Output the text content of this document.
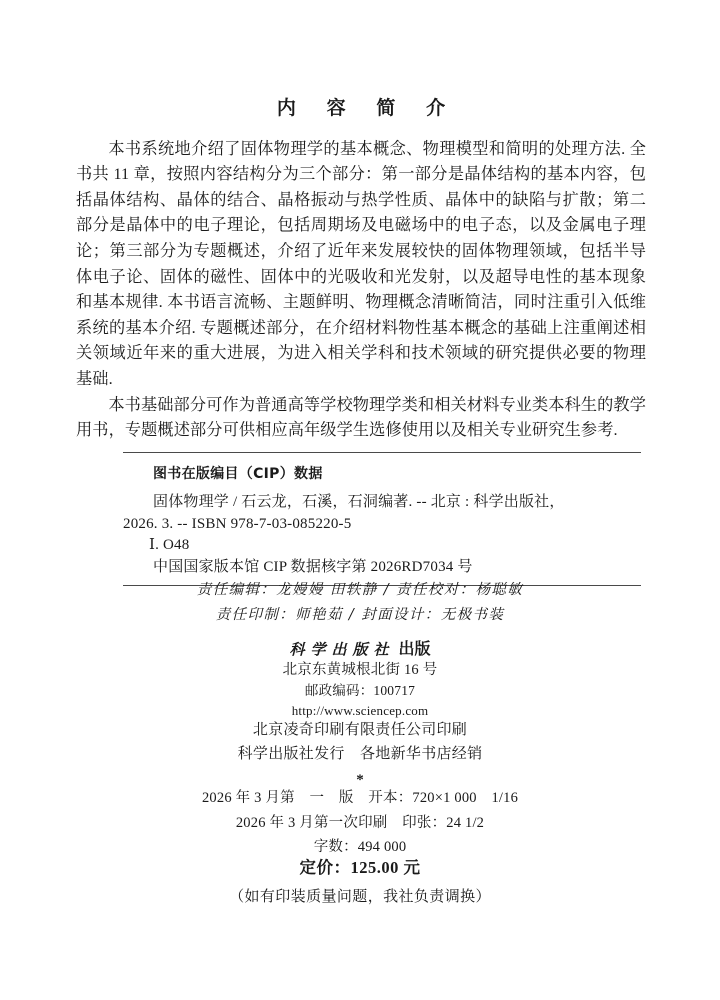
内 容 简 介

本书系统地介绍了固体物理学的基本概念、物理模型和简明的处理方法. 全书共 11 章，按照内容结构分为三个部分：第一部分是晶体结构的基本内容，包括晶体结构、晶体的结合、晶格振动与热学性质、晶体中的缺陷与扩散；第二部分是晶体中的电子理论，包括周期场及电磁场中的电子态，以及金属电子理论；第三部分为专题概述，介绍了近年来发展较快的固体物理领域，包括半导体电子论、固体的磁性、固体中的光吸收和光发射，以及超导电性的基本现象和基本规律. 本书语言流畅、主题鲜明、物理概念清晰简洁，同时注重引入低维系统的基本介绍. 专题概述部分，在介绍材料物性基本概念的基础上注重阐述相关领域近年来的重大进展，为进入相关学科和技术领域的研究提供必要的物理基础.

本书基础部分可作为普通高等学校物理学类和相关材料专业类本科生的教学用书，专题概述部分可供相应高年级学生选修使用以及相关专业研究生参考.

图书在版编目（CIP）数据

固体物理学 / 石云龙，石溪，石洞编著. -- 北京 : 科学出版社，

2026. 3. -- ISBN 978-7-03-085220-5

Ⅰ. O48

中国国家版本馆 CIP 数据核字第 2026RD7034 号

责任编辑：龙嫚嫚 田轶静 / 责任校对：杨聪敏

责任印制：师艳茹 / 封面设计：无极书装

科学出版社 出版

北京东黄城根北街 16 号

邮政编码：100717

http://www.sciencep.com

北京凌奇印刷有限责任公司印刷

科学出版社发行　各地新华书店经销

*

2026 年 3 月第　一　版　开本：720×1 000　1/16

2026 年 3 月第一次印刷　印张：24 1/2

字数：494 000

定价：125.00 元

（如有印装质量问题，我社负责调换）
